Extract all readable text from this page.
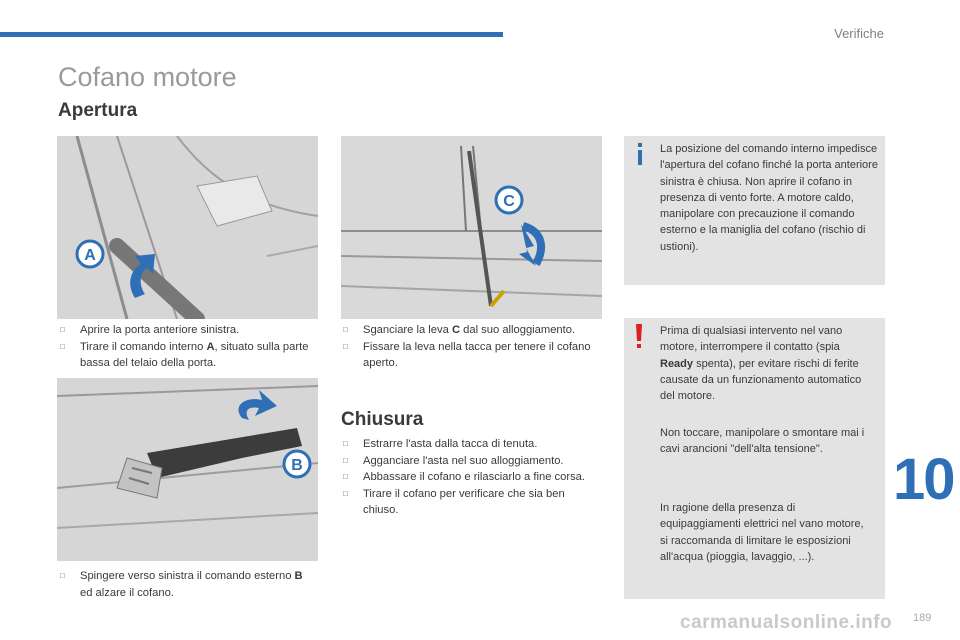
Verifiche
Cofano motore
Apertura
A
C
B
□ Aprire la porta anteriore sinistra.
□ Tirare il comando interno A, situato sulla parte bassa del telaio della porta.
□ Spingere verso sinistra il comando esterno B ed alzare il cofano.
□ Sganciare la leva C dal suo alloggiamento.
□ Fissare la leva nella tacca per tenere il cofano aperto.
Chiusura
□ Estrarre l'asta dalla tacca di tenuta.
□ Agganciare l'asta nel suo alloggiamento.
□ Abbassare il cofano e rilasciarlo a fine corsa.
□ Tirare il cofano per verificare che sia ben chiuso.

La posizione del comando interno impedisce l'apertura del cofano finché la porta anteriore sinistra è chiusa. Non aprire il cofano in presenza di vento forte. A motore caldo, manipolare con precauzione il comando esterno e la maniglia del cofano (rischio di ustioni).

Prima di qualsiasi intervento nel vano motore, interrompere il contatto (spia Ready spenta), per evitare rischi di ferite causate da un funzionamento automatico del motore.

Non toccare, manipolare o smontare mai i cavi arancioni "dell'alta tensione".

In ragione della presenza di equipaggiamenti elettrici nel vano motore, si raccomanda di limitare le esposizioni all'acqua (pioggia, lavaggio, ...).

10
carmanualsonline.info 189
